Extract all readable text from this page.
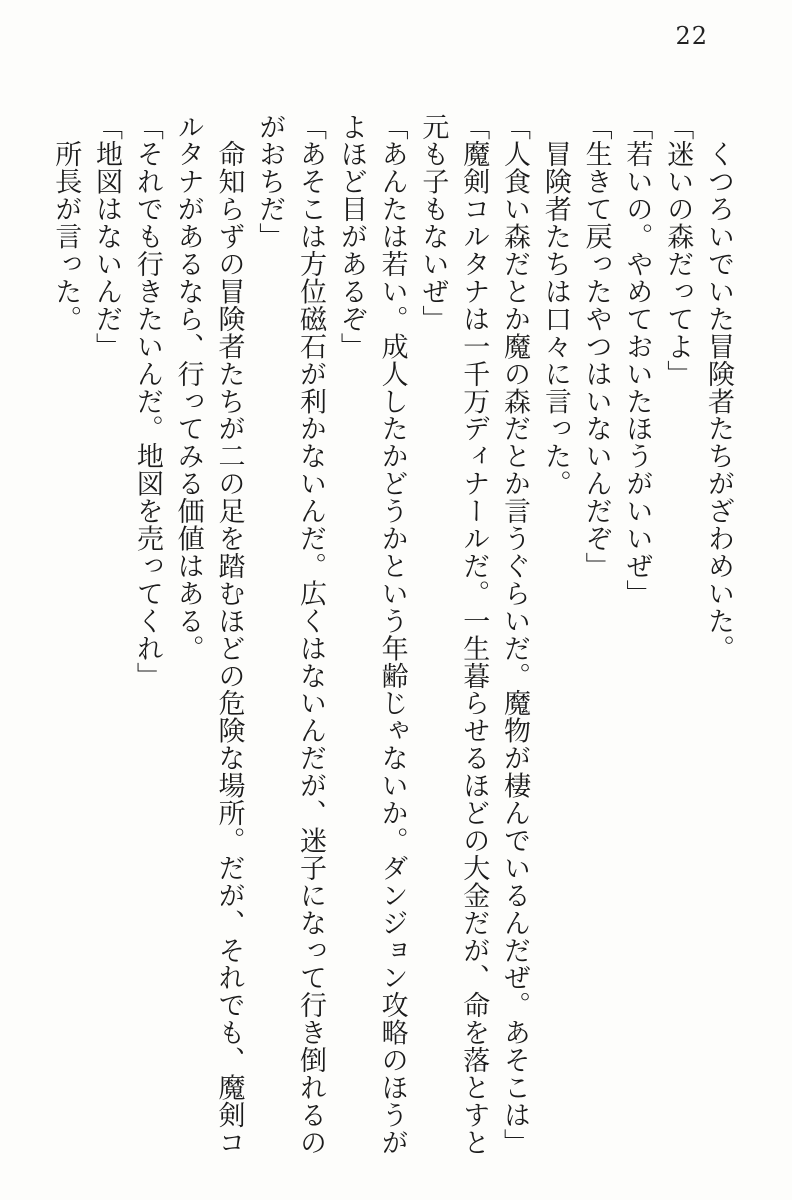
22

　くつろいでいた冒険者たちがざわめいた。

「迷いの森だってよ」

「若いの。やめておいたほうがいいぜ」

「生きて戻ったやつはいないんだぞ」

　冒険者たちは口々に言った。

「人食い森だとか魔の森だとか言うぐらいだ。魔物が棲んでいるんだぜ。あそこは」

「魔剣コルタナは一千万ディナールだ。一生暮らせるほどの大金だが、命を落とすと

元も子もないぜ」

「あんたは若い。成人したかどうかという年齢じゃないか。ダンジョン攻略のほうが

よほど目があるぞ」

「あそこは方位磁石が利かないんだ。広くはないんだが、迷子になって行き倒れるの

がおちだ」

　命知らずの冒険者たちが二の足を踏むほどの危険な場所。だが、それでも、魔剣コ

ルタナがあるなら、行ってみる価値はある。

「それでも行きたいんだ。地図を売ってくれ」

「地図はないんだ」

　所長が言った。
